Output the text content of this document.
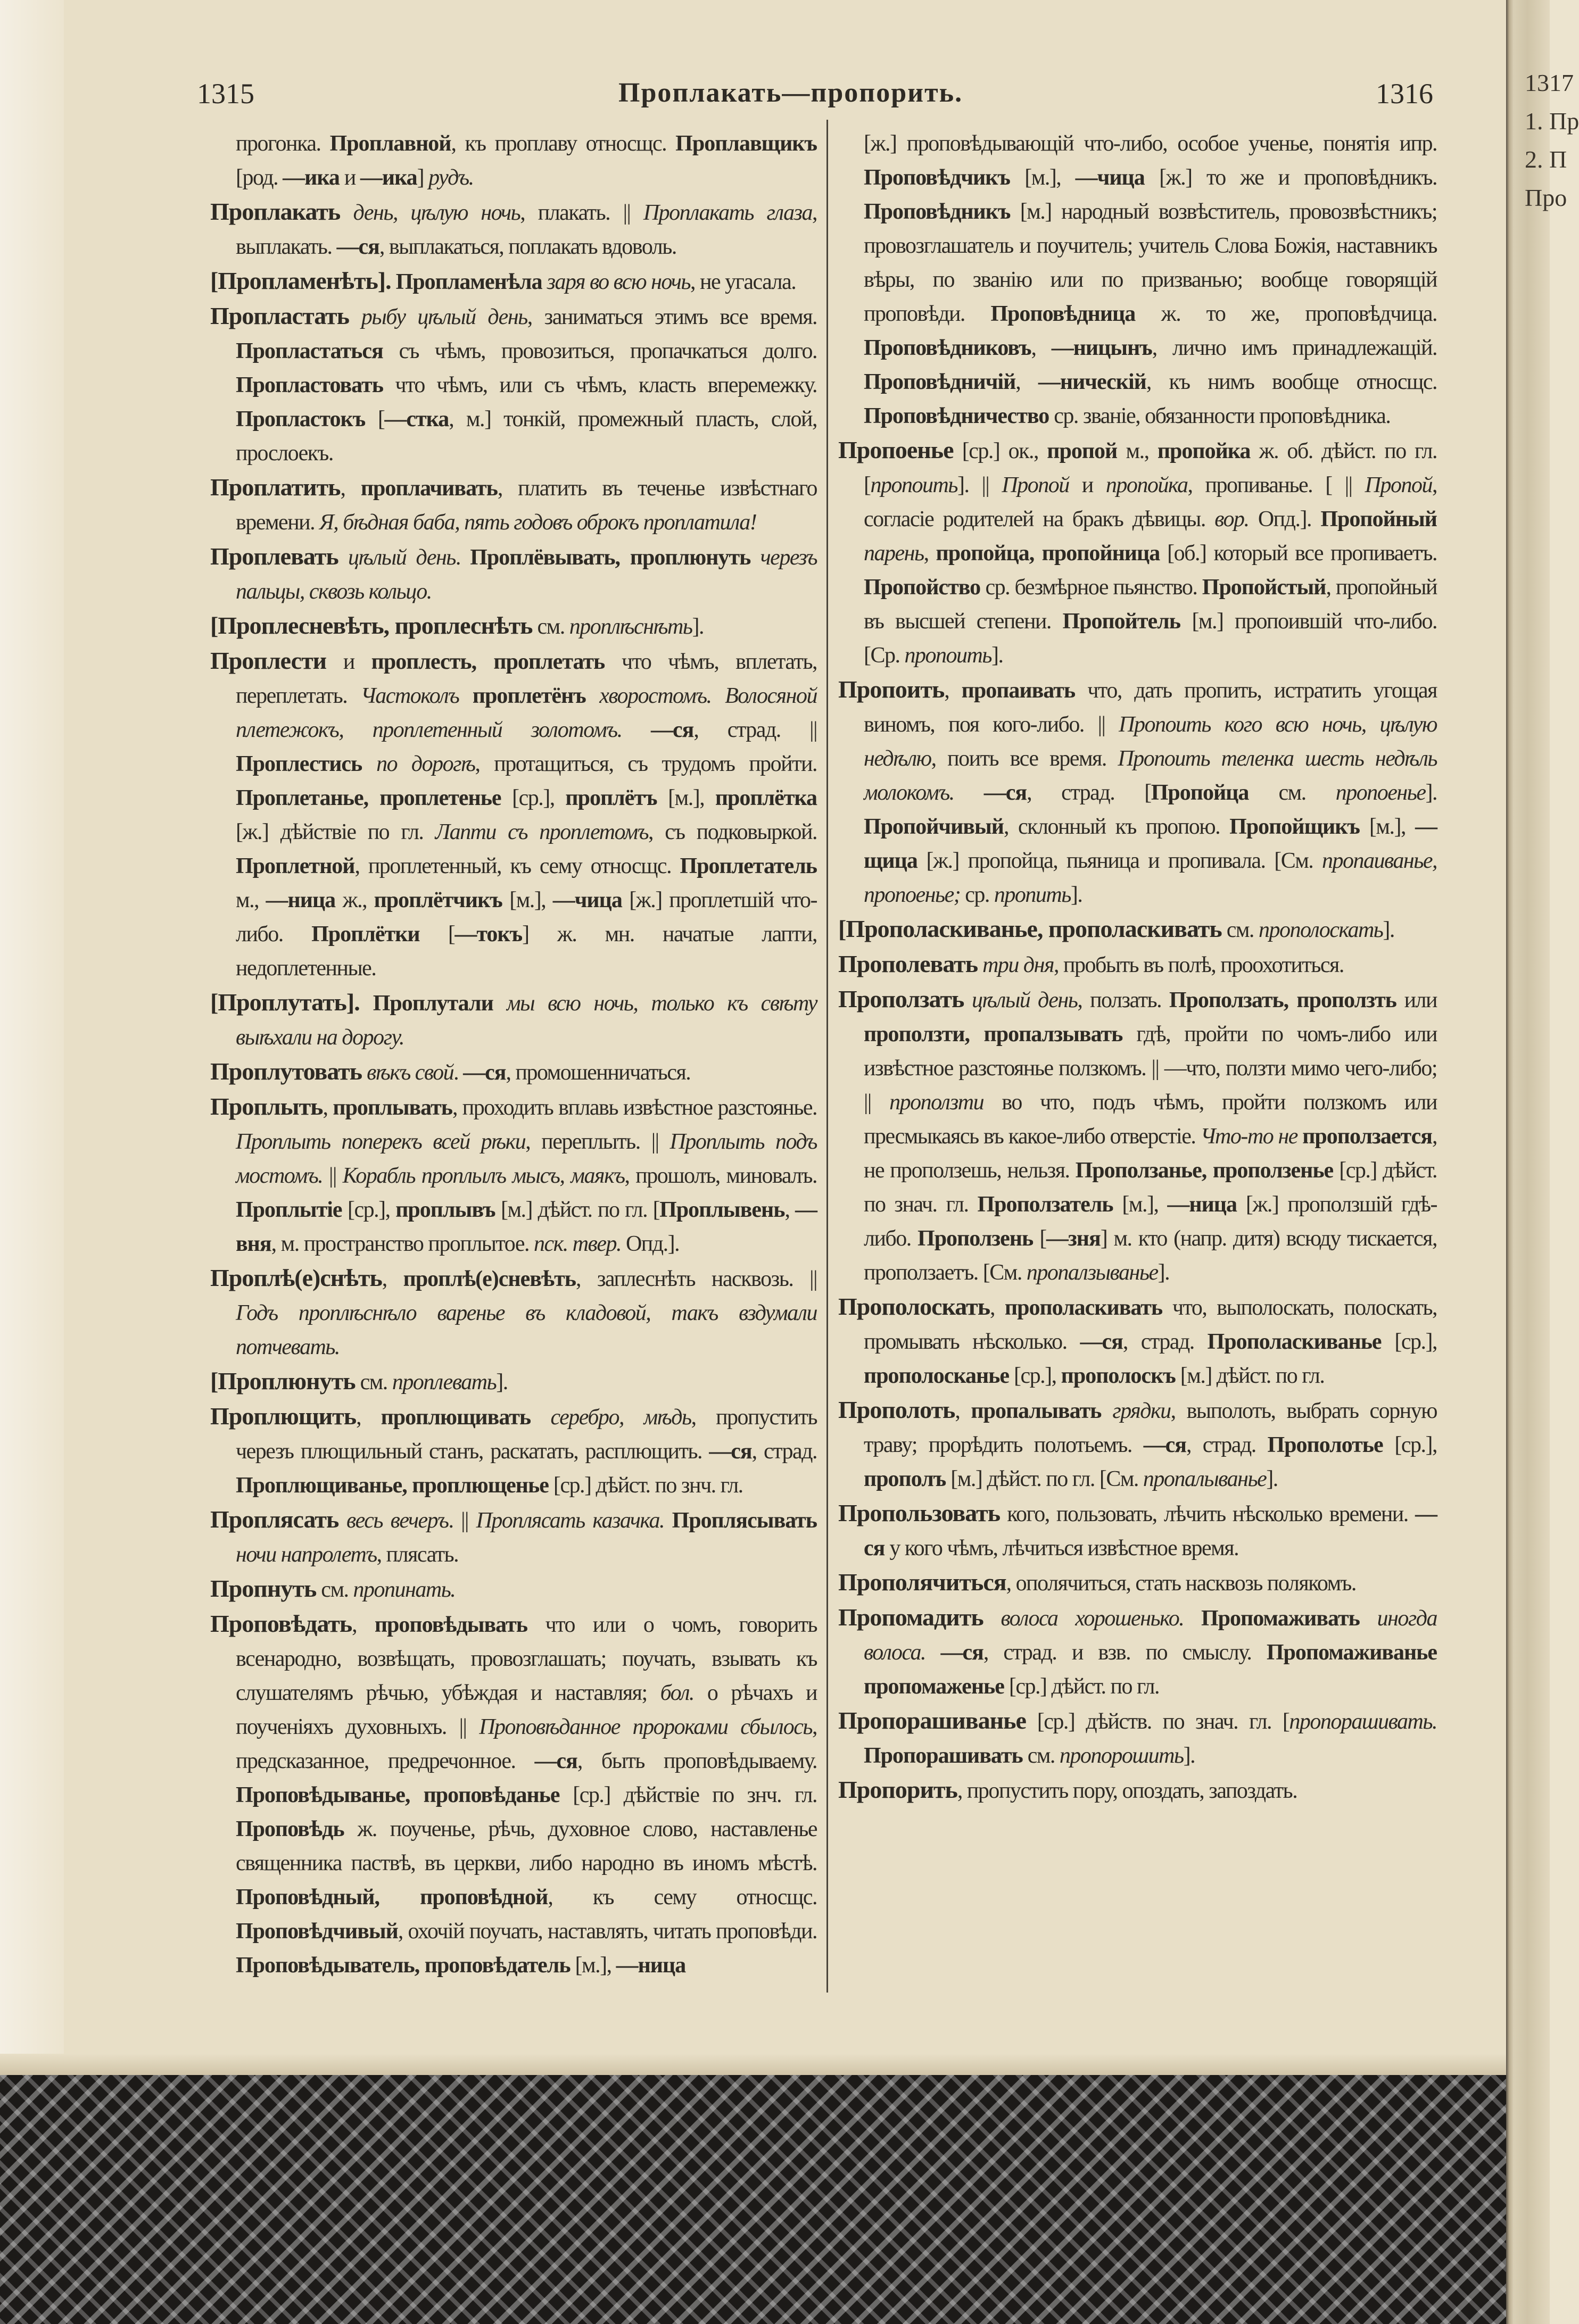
1315	Проплакать—пропорить.	1316

прогонка. Проплавной, къ проплаву относщс. Проплавщикъ [род. —ика и —ика] рудъ.

Проплакать день, цѣлую ночь, плакать. || Проплакать глаза, выплакать. —ся, выплакаться, поплакать вдоволь.

[Пропламенѣть]. Пропламенѣла заря во всю ночь, не угасала.

Пропластать рыбу цѣлый день, заниматься этимъ все время. Пропластаться съ чѣмъ, провозиться, пропачкаться долго. Пропластовать что чѣмъ, или съ чѣмъ, класть вперемежку. Пропластокъ [—стка, м.] тонкій, промежный пласть, слой, прослоекъ.

Проплатить, проплачивать, платить въ теченье извѣстнаго времени. Я, бѣдная баба, пять годовъ оброкъ проплатила!

Проплевать цѣлый день. Проплёвывать, проплюнуть черезъ пальцы, сквозь кольцо.

[Проплесневѣть, проплеснѣть см. проплѣснѣть].

Проплести и проплесть, проплетать что чѣмъ, вплетать, переплетать. Частоколъ проплетёнъ хворостомъ. Волосяной плетежокъ, проплетенный золотомъ. —ся, страд. || Проплестись по дорогѣ, протащиться, съ трудомъ пройти. Проплетанье, проплетенье [ср.], проплётъ [м.], проплётка [ж.] дѣйствіе по гл. Лапти съ проплетомъ, съ подковыркой. Проплетной, проплетенный, къ сему относщс. Проплетатель м., —ница ж., проплётчикъ [м.], —чица [ж.] проплетшій что-либо. Проплётки [—токъ] ж. мн. начатые лапти, недоплетенные.

[Проплутать]. Проплутали мы всю ночь, только къ свѣту выѣхали на дорогу.

Проплутовать вѣкъ свой. —ся, промошенничаться.

Проплыть, проплывать, проходить вплавь извѣстное разстоянье. Проплыть поперекъ всей рѣки, переплыть. || Проплыть подъ мостомъ. || Корабль проплылъ мысъ, маякъ, прошолъ, миновалъ. Проплытіе [ср.], проплывъ [м.] дѣйст. по гл. [Проплывень, —вня, м. пространство проплытое. пск. твер. Опд.].

Проплѣ(е)снѣть, проплѣ(е)сневѣть, заплеснѣть насквозь. || Годъ проплѣснѣло варенье въ кладовой, такъ вздумали потчевать.

[Проплюнуть см. проплевать].

Проплющить, проплющивать серебро, мѣдь, пропустить черезъ плющильный станъ, раскатать, расплющить. —ся, страд. Проплющиванье, проплющенье [ср.] дѣйст. по знч. гл.

Проплясать весь вечеръ. || Проплясать казачка. Проплясывать ночи напролетъ, плясать.

Пропнуть см. пропинать.

Проповѣдать, проповѣдывать что или о чомъ, говорить всенародно, возвѣщать, провозглашать; поучать, взывать къ слушателямъ рѣчью, убѣждая и наставляя; бол. о рѣчахъ и поученіяхъ духовныхъ. || Проповѣданное пророками сбылось, предсказанное, предречонное. —ся, быть проповѣдываему. Проповѣдыванье, проповѣданье [ср.] дѣйствіе по знч. гл. Проповѣдь ж. поученье, рѣчь, духовное слово, наставленье священника паствѣ, въ церкви, либо народно въ иномъ мѣстѣ. Проповѣдный, проповѣдной, къ сему относщс. Проповѣдчивый, охочій поучать, наставлять, читать проповѣди. Проповѣдыватель, проповѣдатель [м.], —ница

[ж.] проповѣдывающій что-либо, особое ученье, понятія ипр. Проповѣдчикъ [м.], —чица [ж.] то же и проповѣдникъ. Проповѣдникъ [м.] народный возвѣститель, провозвѣстникъ; провозглашатель и поучитель; учитель Слова Божія, наставникъ вѣры, по званію или по призванью; вообще говорящій проповѣди. Проповѣдница ж. то же, проповѣдчица. Проповѣдниковъ, —ницынъ, лично имъ принадлежащій. Проповѣдничій, —ническій, къ нимъ вообще относщс. Проповѣдничество ср. званіе, обязанности проповѣдника.

Пропоенье [ср.] ок., пропой м., пропойка ж. об. дѣйст. по гл. [пропоить]. || Пропой и пропойка, пропиванье. [ || Пропой, согласіе родителей на бракъ дѣвицы. вор. Опд.]. Пропойный парень, пропойца, пропойница [об.] который все пропиваетъ. Пропойство ср. безмѣрное пьянство. Пропойстый, пропойный въ высшей степени. Пропойтель [м.] пропоившій что-либо. [Ср. пропоить].

Пропоить, пропаивать что, дать пропить, истратить угощая виномъ, поя кого-либо. || Пропоить кого всю ночь, цѣлую недѣлю, поить все время. Пропоить теленка шесть недѣль молокомъ. —ся, страд. [Пропойца см. пропоенье]. Пропойчивый, склонный къ пропою. Пропойщикъ [м.], —щица [ж.] пропойца, пьяница и пропивала. [См. пропаиванье, пропоенье; ср. пропить].

[Прополаскиванье, прополаскивать см. прополоскать].

Прополевать три дня, пробыть въ полѣ, проохотиться.

Проползать цѣлый день, ползать. Проползать, проползть или проползти, пропалзывать гдѣ, пройти по чомъ-либо или извѣстное разстоянье ползкомъ. || —что, ползти мимо чего-либо; || проползти во что, подъ чѣмъ, пройти ползкомъ или пресмыкаясь въ какое-либо отверстіе. Что-то не проползается, не проползешь, нельзя. Проползанье, проползенье [ср.] дѣйст. по знач. гл. Проползатель [м.], —ница [ж.] проползшій гдѣ-либо. Проползень [—зня] м. кто (напр. дитя) всюду тискается, проползаетъ. [См. пропалзыванье].

Прополоскать, прополаскивать что, выполоскать, полоскать, промывать нѣсколько. —ся, страд. Прополаскиванье [ср.], прополосканье [ср.], прополоскъ [м.] дѣйст. по гл.

Прополоть, пропалывать грядки, выполоть, выбрать сорную траву; прорѣдить полотьемъ. —ся, страд. Прополотье [ср.], прополъ [м.] дѣйст. по гл. [См. пропалыванье].

Пропользовать кого, пользовать, лѣчить нѣсколько времени. —ся у кого чѣмъ, лѣчиться извѣстное время.

Прополячиться, ополячиться, стать насквозь полякомъ.

Пропомадить волоса хорошенько. Пропомаживать иногда волоса. —ся, страд. и взв. по смыслу. Пропомаживанье пропомаженье [ср.] дѣйст. по гл.

Пропорашиванье [ср.] дѣйств. по знач. гл. [пропорашивать. Пропорашивать см. пропорошить].

Пропорить, пропустить пору, опоздать, запоздать.

1317
1. Пр
2. П
Про
